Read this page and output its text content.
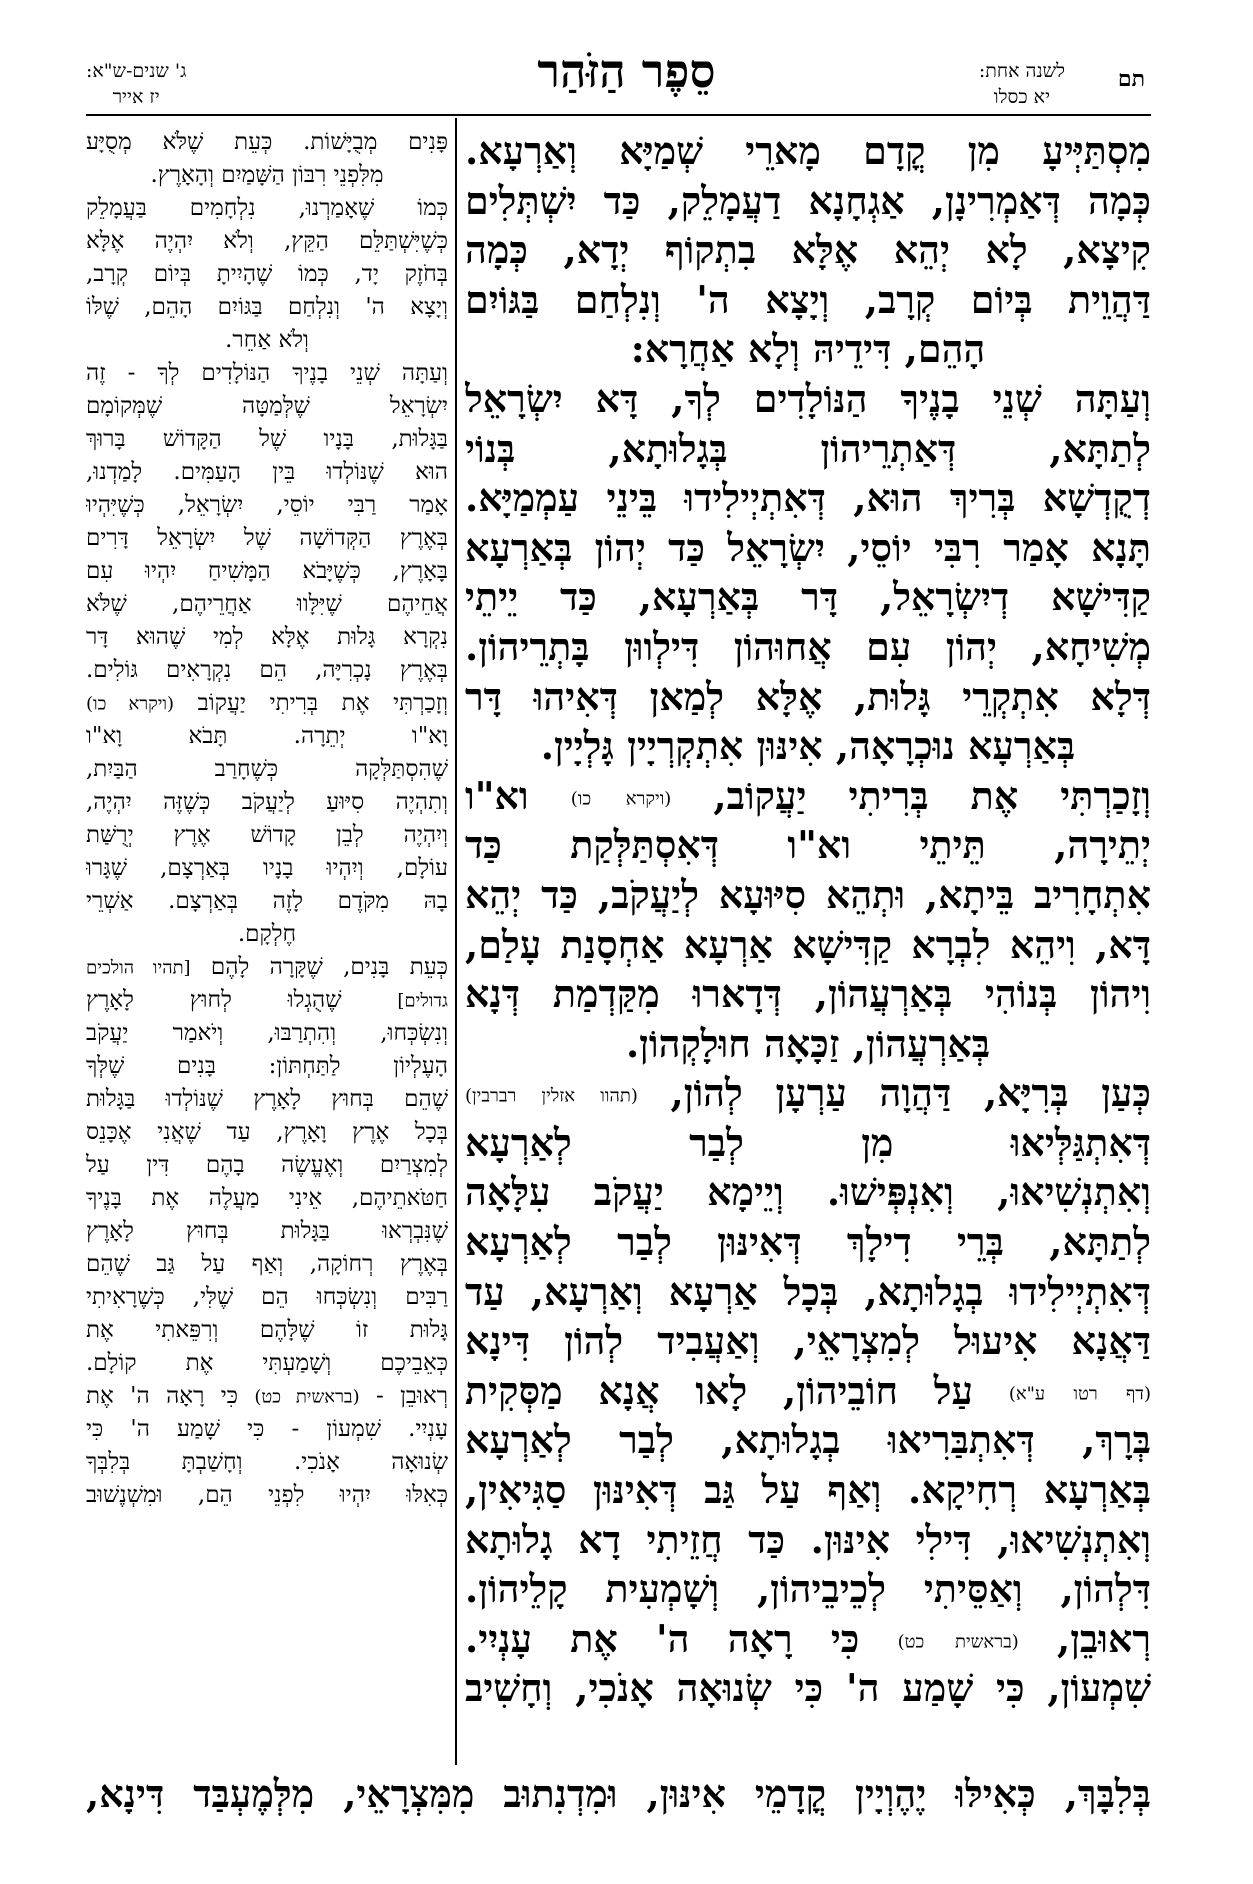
תם
לשנה אחת:
יא כסלו
סֵפֶר הַזֹּהַר
ג' שנים-ש"א:
יז אייר
מִסְתַּיְּיעָ מִן קֳדָם מָארֵי שְׁמַיָּא וְאַרְעָא.
כְּמָה דְּאַמְרִינָן, אַגְחָנָא דַעֲמָלֵק, כַּד יִשְׁתְּלִים
קִיצָא, לָא יְהֵא אֶלָּא בִתְקוֹף יְדָא, כְּמָה
דַּהֲוֵית בְּיוֹם קְרָב, וְיָצָא ה' וְנִלְחַם בַּגּוֹיִם
הָהֵם, דִּידֵיהּ וְלָא אַחֲרָא:
וְעַתָּה שְׁנֵי בָנֶיךָ הַנּוֹלָדִים לְךָ, דָּא יִשְׂרָאֵל
לְתַתָּא, דְּאַתְרֵיהוֹן בְּגָלוּתָא, בְּנוֹי
דְקֻדְשָׁא בְּרִיךְ הוּא, דְּאִתְיְילִידוּ בֵּינֵי עַמְמַיָּא.
תָּנָא אָמַר רִבִּי יוֹסֵי, יִשְׂרָאֵל כַּד יְהוֹן בְּאַרְעָא
קַדִּישָׁא דְיִשְׂרָאֵל, דָּר בְּאַרְעָא, כַּד יֵיתֵי
מְשִׁיחָא, יְהוֹן עִם אֲחוּהוֹן דִּילְווּן בָּתְרֵיהוֹן.
דְּלָא אִתְקְרֵי גָּלוּת, אֶלָּא לְמַאן דְּאִיהוּ דָּר
בְּאַרְעָא נוּכְרָאָה, אִינּוּן אִתְקְרְיָין גָּלְיָין.
וְזָכַרְתִּי אֶת בְּרִיתִי יַעֲקוֹב, (ויקרא כו) וא"ו
יְתֵירָה, תֵּיתֵי וא"ו דְּאִסְתַּלְּקַת כַּד
אִתְחָרִיב בֵּיתָא, וּתְהֵא סִיּוּעָא לְיַעֲקֹב, כַּד יְהֵא
דָּא, וִיהֵא לִבְרָא קַדִּישָׁא אַרְעָא אַחְסָנַת עָלַם,
וִיהוֹן בְּנוֹהִי בְּאַרְעֲהוֹן, דְּדָארוּ מִקַּדְמַת דְּנָא
בְּאַרְעֲהוֹן, זַכָּאָה חוּלָקְהוֹן.
כְּעַן בְּרִיָּא, דַּהֲוָה עַרְעָן לְהוֹן, (תהוו אזלין רברבין)
דְּאִתְגַּלְּיאוּ מִן לְבַר לְאַרְעָא
וְאִתְנְשִׁיאוּ, וְאִנְפְּישׁוּ. וְיֵימָא יַעֲקֹב עִלָּאָה
לְתַתָּא, בְּרֵי דִילָךְ דְּאִינּוּן לְבַר לְאַרְעָא
דְּאִתְיְילִידוּ בְגָלוּתָא, בְּכָל אַרְעָא וְאַרְעָא, עַד
דַּאֲנָא אִיעוּל לְמִצְרָאֵי, וְאַעֲבִיד לְהוֹן דִּינָא
(דף רטו ע"א) עַל חוֹבֵיהוֹן, לָאו אֲנָא מַסְּקִית
בְּרָךְ, דְּאִתְבַּרִיאוּ בְגָלוּתָא, לְבַר לְאַרְעָא
בְּאַרְעָא רְחִיקָא. וְאַף עַל גַּב דְּאִינּוּן סַגִּיאִין,
וְאִתְנְשִׁיאוּ, דִּילִי אִינּוּן. כַּד חֲזֵיתִי דָא גָלוּתָא
דִּלְהוֹן, וְאַסֵּיתִי לְכֵיבֵיהוֹן, וְשָׁמְעִית קָלֵיהוֹן.
רְאוּבֵן, (בראשית כט) כִּי רָאָה ה' אֶת עָנְיִי.
שִׁמְעוֹן, כִּי שָׁמַע ה' כִּי שְׂנוּאָה אָנֹכִי, וְחָשִׁיב
פָּנִים מְבֻיָּשׁוֹת. כְּעֵת שֶׁלֹּא מְסֻיָּע
מִלִּפְנֵי רִבּוֹן הַשָּׁמַיִם וְהָאָרֶץ.
כְּמוֹ שֶׁאָמַרְנוּ, נִלְחָמִים בַּעֲמָלֵק
כְּשֶׁיִּשְׁתַּלֵּם הַקֵּץ, וְלֹא יִהְיֶה אֶלָּא
בְּחֹזֶק יָד, כְּמוֹ שֶׁהָיִיתָ בְּיוֹם קְרָב,
וְיָצָא ה' וְנִלְחַם בַּגּוֹיִם הָהֵם, שֶׁלּוֹ
וְלֹא אַחֵר.
וְעַתָּה שְׁנֵי בָנֶיךָ הַנּוֹלָדִים לְךָ - זֶה
יִשְׂרָאֵל שֶׁלְּמַטָּה שֶׁמְּקוֹמָם
בַּגָּלוּת, בָּנָיו שֶׁל הַקָּדוֹשׁ בָּרוּךְ
הוּא שֶׁנּוֹלְדוּ בֵּין הָעַמִּים. לָמַדְנוּ,
אָמַר רַבִּי יוֹסֵי, יִשְׂרָאֵל, כְּשֶׁיִּהְיוּ
בְּאֶרֶץ הַקְּדוֹשָׁה שֶׁל יִשְׂרָאֵל דָּרִים
בָּאָרֶץ, כְּשֶׁיָּבֹא הַמָּשִׁיחַ יִהְיוּ עִם
אֲחֵיהֶם שֶׁיִּלָּווּ אַחֲרֵיהֶם, שֶׁלֹּא
נִקְרָא גָּלוּת אֶלָּא לְמִי שֶׁהוּא דָּר
בְּאֶרֶץ נָכְרִיָּה, הֵם נִקְרָאִים גּוֹלִים.
וְזָכַרְתִּי אֶת בְּרִיתִי יַעֲקוֹב (ויקרא כו)
וָא"ו יְתֵרָה. תָּבֹא וָא"ו
שֶׁהִסְתַּלְּקָה כְּשֶׁחָרַב הַבַּיִת,
וְתִהְיֶה סִיּוּעַ לְיַעֲקֹב כְּשֶׁזֶּה יִהְיֶה,
וְיִהְיֶה לְבֵן קָדוֹשׁ אֶרֶץ יְרֻשַּׁת
עוֹלָם, וְיִהְיוּ בָנָיו בְּאַרְצָם, שֶׁגָּרוּ
בָהּ מִקֹּדֶם לָזֶה בְּאַרְצָם. אַשְׁרֵי
חֶלְקָם.
כְּעֵת בָּנִים, שֶׁקָּרָה לָהֶם [תהיו הולכים
גדולים] שֶׁהֻגְלוּ לְחוּץ לָאָרֶץ
וְנִשְׂכְּחוּ, וְהִתְרַבּוּ, וְיֹאמַר יַעֲקֹב
הָעֶלְיוֹן לַתַּחְתּוֹן: בָּנִים שֶׁלְּךָ
שֶׁהֵם בְּחוּץ לָאָרֶץ שֶׁנּוֹלְדוּ בַּגָּלוּת
בְּכָל אֶרֶץ וָאָרֶץ, עַד שֶׁאֲנִי אֶכָּנֵס
לְמִצְרַיִם וְאֶעֱשֶׂה בָהֶם דִּין עַל
חַטֹּאתֵיהֶם, אֵינִי מַעֲלֶה אֶת בָּנֶיךָ
שֶׁנִּבְרְאוּ בַּגָּלוּת בְּחוּץ לָאָרֶץ
בְּאֶרֶץ רְחוֹקָה, וְאַף עַל גַּב שֶׁהֵם
רַבִּים וְנִשְׂכְּחוּ הֵם שֶׁלִּי, כְּשֶׁרָאִיתִי
גָּלוּת זוֹ שֶׁלָּהֶם וְרִפֵּאתִי אֶת
כְּאֵבֵיכֶם וְשָׁמַעְתִּי אֶת קוֹלָם.
רְאוּבֵן - (בראשית כט) כִּי רָאָה ה' אֶת
עָנְיִי. שִׁמְעוֹן - כִּי שָׁמַע ה' כִּי
שְׂנוּאָה אָנֹכִי. וְחָשַׁבְתָּ בְּלִבְּךָ
כְּאִלּוּ יִהְיוּ לִפְנֵי הֵם, וּמִשְׁנֶשׁוּב
בְּלִבָּךְ, כְּאִילּוּ יֶהֶוְיָין קֳדָמֵי אִינּוּן, וּמִדְנִתוּב מִמִּצְרָאֵי, מִלְּמֶעְבַּד דִּינָא,
